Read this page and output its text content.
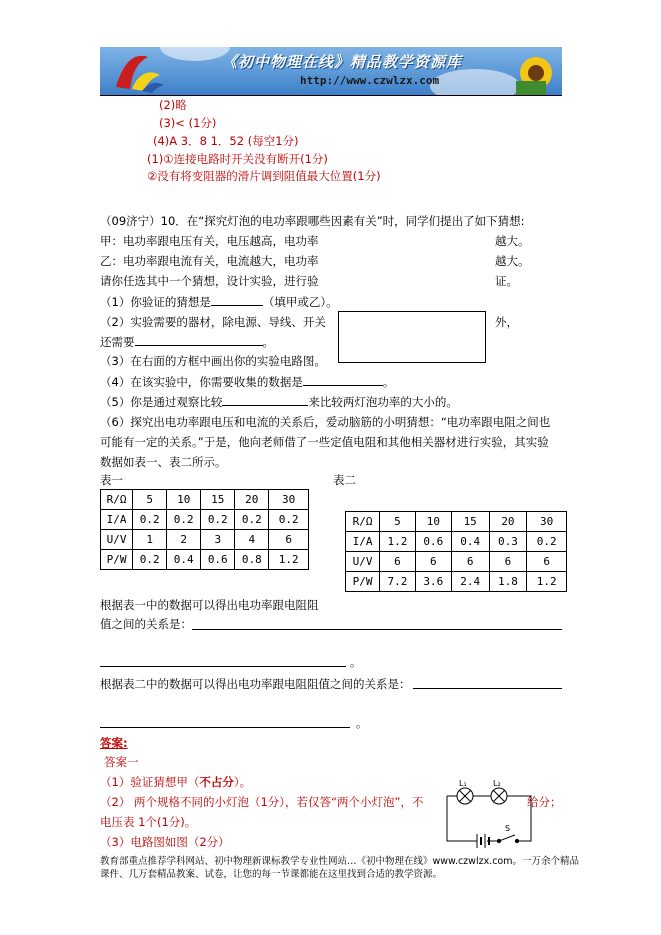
《初中物理在线》精品教学资源库
http://www.czwlzx.com
(2)略
(3)< (1分)
(4)A 3．8 1．52 (每空1分)
(1)①连接电路时开关没有断开(1分)
②没有将变阻器的滑片调到阻值最大位置(1分)
（09济宁）10．在“探究灯泡的电功率跟哪些因素有关”时，同学们提出了如下猜想:
甲：电功率跟电压有关，电压越高，电功率	越大。
乙：电功率跟电流有关，电流越大，电功率	越大。
请你任选其中一个猜想，设计实验，进行验	证。
（1）你验证的猜想是	（填甲或乙）。
（2）实验需要的器材，除电源、导线、开关	外，
还需要	。
（3）在右面的方框中画出你的实验电路图。
（4）在该实验中，你需要收集的数据是	。
（5）你是通过观察比较	来比较两灯泡功率的大小的。
（6）探究出电功率跟电压和电流的关系后，爱动脑筋的小明猜想：“电功率跟电阻之间也
可能有一定的关系。”于是，他向老师借了一些定值电阻和其他相关器材进行实验，其实验
数据如表一、表二所示。
表一	表二
R/Ω	5	10	15	20	30
I/A	0.2	0.2	0.2	0.2	0.2
U/V	1	2	3	4	6
P/W	0.2	0.4	0.6	0.8	1.2
R/Ω	5	10	15	20	30
I/A	1.2	0.6	0.4	0.3	0.2
U/V	6	6	6	6	6
P/W	7.2	3.6	2.4	1.8	1.2
根据表一中的数据可以得出电功率跟电阻阻
值之间的关系是：
。
根据表二中的数据可以得出电功率跟电阻阻值之间的关系是：
。
答案:
答案一
（1）验证猜想甲（不占分）。
（2） 两个规格不同的小灯泡（1分），若仅答“两个小灯泡”，不	给分；
电压表 1个(1分)。
（3）电路图如图（2分）
L₁	L₂
S
教育部重点推荐学科网站、初中物理新课标教学专业性网站…《初中物理在线》www.czwlzx.com。一万余个精品课件、几万套精品教案、试卷，让您的每一节课都能在这里找到合适的教学资源。
